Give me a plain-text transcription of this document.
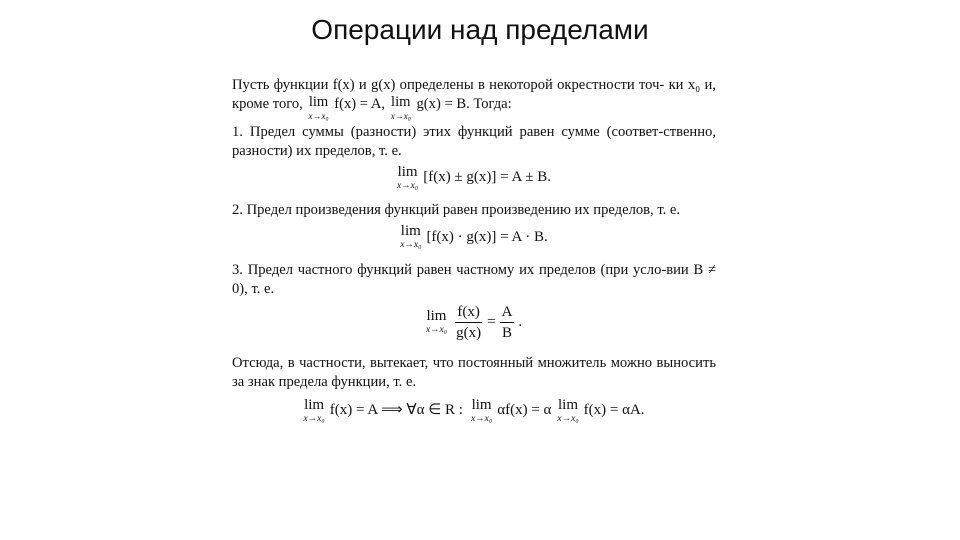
Операции над пределами

Пусть функции f(x) и g(x) определены в некоторой окрестности точ- ки x₀ и, кроме того, lim
x→x₀
f(x) = A, lim
x→x₀
g(x) = B. Тогда:

1. Предел суммы (разности) этих функций равен сумме (соответ-ственно, разности) их пределов, т. е.

lim
x→x₀
[f(x) ± g(x)] = A ± B.

2. Предел произведения функций равен произведению их пределов, т. е.

lim
x→x₀
[f(x) · g(x)] = A · B.

3. Предел частного функций равен частному их пределов (при усло-вии B ≠ 0), т. е.

lim
$x\to x_0 \frac{f(x)}{g(x)} = \frac{A}{B}$ .

Отсюда, в частности, вытекает, что постоянный множитель можно выносить за знак предела функции, т. е.

lim
x→x₀
f(x) = A ⟹ ∀α ∈ R : lim
x→x₀
αf(x) = α lim
x→x₀
f(x) = αA.
